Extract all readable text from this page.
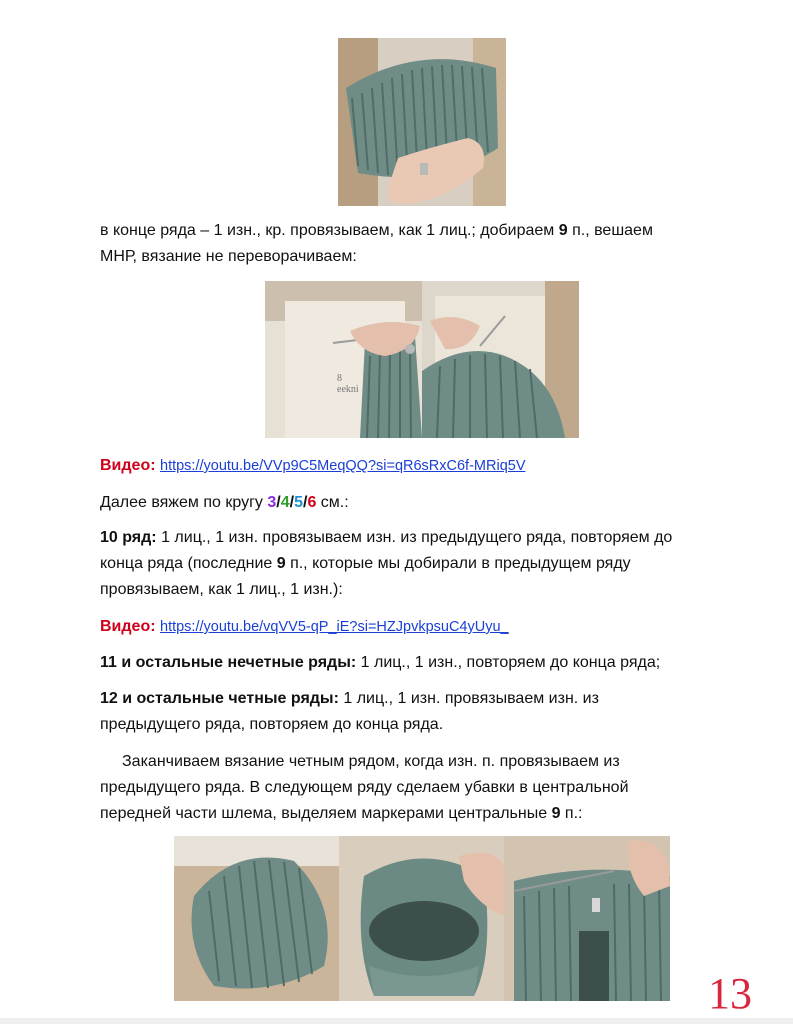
в конце ряда – 1 изн., кр. провязываем, как 1 лиц.; добираем 9 п., вешаем
МНР, вязание не переворачиваем:
8
eekni
Видео: https://youtu.be/VVp9C5MeqQQ?si=qR6sRxC6f-MRiq5V
Далее вяжем по кругу 3/4/5/6 см.:
10 ряд: 1 лиц., 1 изн. провязываем изн. из предыдущего ряда, повторяем до
конца ряда (последние 9 п., которые мы добирали в предыдущем ряду
провязываем, как 1 лиц., 1 изн.):
Видео: https://youtu.be/vqVV5-qP_iE?si=HZJpvkpsuC4yUyu_
11 и остальные нечетные ряды: 1 лиц., 1 изн., повторяем до конца ряда;
12 и остальные четные ряды: 1 лиц., 1 изн. провязываем изн. из
предыдущего ряда, повторяем до конца ряда.
Заканчиваем вязание четным рядом, когда изн. п. провязываем из
предыдущего ряда. В следующем ряду сделаем убавки в центральной
передней части шлема, выделяем маркерами центральные 9 п.:
13
